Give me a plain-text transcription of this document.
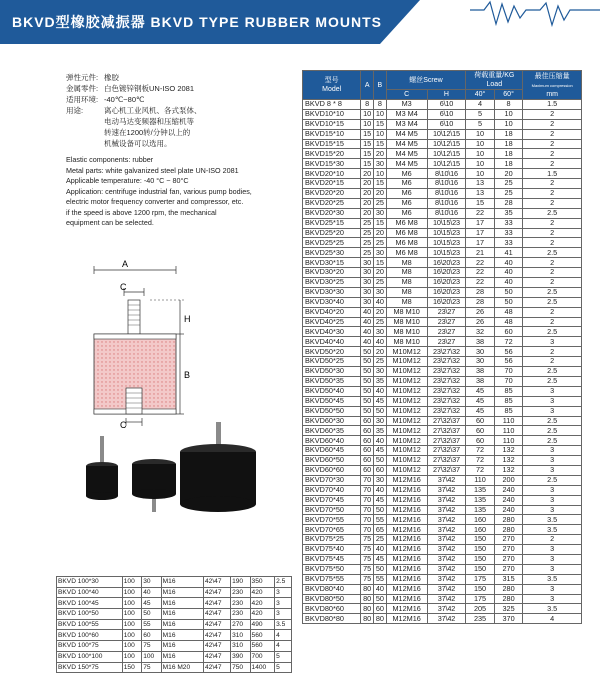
BKVD型橡胶减振器 BKVD TYPE RUBBER MOUNTS
弹性元件: 橡胶
金属零件: 白色镀锌钢板UN-ISO 2081
适用环境: -40℃~80℃
用途:	离心机工业风机、各式泵体、
电动马达变频器和压缩机等
转速在1200转/分钟以上的
机械设备可以选用。

Elastic components: rubber

Metal parts: white galvanized steel plate UN-ISO 2081

Applicable temperature: -40 °C ~ 80°C

Application: centrifuge industrial fan, various pump bodies,

electric motor frequency converter and compressor, etc.

if the speed is above 1200 rpm, the mechanical

equipment can be selected.

A
C
H
B
C
型号
Model	A	B	螺丝Screw		荷载重量/KG
Load		最佳压缩量
Maximum compression
mm
			C	H	40°	60°	
BKVD 8 * 8	8	8	M3	6\10	4	8	1.5
BKVD10*10	10	10	M3 M4	6\10	5	10	2
BKVD10*15	10	15	M3 M4	6\10	5	10	2
BKVD15*10	15	10	M4 M5	10\12\15	10	18	2
BKVD15*15	15	15	M4 M5	10\12\15	10	18	2
BKVD15*20	15	20	M4 M5	10\12\15	10	18	2
BKVD15*30	15	30	M4 M5	10\12\15	10	18	2
BKVD20*10	20	10	M6	8\10\16	10	20	1.5
BKVD20*15	20	15	M6	8\10\16	13	25	2
BKVD20*20	20	20	M6	8\10\16	13	25	2
BKVD20*25	20	25	M6	8\10\16	15	28	2
BKVD20*30	20	30	M6	8\10\16	22	35	2.5
BKVD25*15	25	15	M6 M8	10\15\23	17	33	2
BKVD25*20	25	20	M6 M8	10\15\23	17	33	2
BKVD25*25	25	25	M6 M8	10\15\23	17	33	2
BKVD25*30	25	30	M6 M8	10\15\23	21	41	2.5
BKVD30*15	30	15	M8	16\20\23	22	40	2
BKVD30*20	30	20	M8	16\20\23	22	40	2
BKVD30*25	30	25	M8	16\20\23	22	40	2
BKVD30*30	30	30	M8	16\20\23	28	50	2.5
BKVD30*40	30	40	M8	16\20\23	28	50	2.5
BKVD40*20	40	20	M8 M10	23\27	26	48	2
BKVD40*25	40	25	M8 M10	23\27	26	48	2
BKVD40*30	40	30	M8 M10	23\27	32	60	2.5
BKVD40*40	40	40	M8 M10	23\27	38	72	3
BKVD50*20	50	20	M10M12	23\27\32	30	56	2
BKVD50*25	50	25	M10M12	23\27\32	30	56	2
BKVD50*30	50	30	M10M12	23\27\32	38	70	2.5
BKVD50*35	50	35	M10M12	23\27\32	38	70	2.5
BKVD50*40	50	40	M10M12	23\27\32	45	85	3
BKVD50*45	50	45	M10M12	23\27\32	45	85	3
BKVD50*50	50	50	M10M12	23\27\32	45	85	3
BKVD60*30	60	30	M10M12	27\32\37	60	110	2.5
BKVD60*35	60	35	M10M12	27\32\37	60	110	2.5
BKVD60*40	60	40	M10M12	27\32\37	60	110	2.5
BKVD60*45	60	45	M10M12	27\32\37	72	132	3
BKVD60*50	60	50	M10M12	27\32\37	72	132	3
BKVD60*60	60	60	M10M12	27\32\37	72	132	3
BKVD70*30	70	30	M12M16	37\42	110	200	2.5
BKVD70*40	70	40	M12M16	37\42	135	240	3
BKVD70*45	70	45	M12M16	37\42	135	240	3
BKVD70*50	70	50	M12M16	37\42	135	240	3
BKVD70*55	70	55	M12M16	37\42	160	280	3.5
BKVD70*65	70	65	M12M16	37\42	160	280	3.5
BKVD75*25	75	25	M12M16	37\42	150	270	2
BKVD75*40	75	40	M12M16	37\42	150	270	3
BKVD75*45	75	45	M12M16	37\42	150	270	3
BKVD75*50	75	50	M12M16	37\42	150	270	3
BKVD75*55	75	55	M12M16	37\42	175	315	3.5
BKVD80*40	80	40	M12M16	37\42	150	280	3
BKVD80*50	80	50	M12M16	37\42	175	280	3
BKVD80*60	80	60	M12M16	37\42	205	325	3.5
BKVD80*80	80	80	M12M16	37\42	235	370	4
BKVD 100*30	100	30	M16	42\47	190	350	2.5
BKVD 100*40	100	40	M16	42\47	230	420	3
BKVD 100*45	100	45	M16	42\47	230	420	3
BKVD 100*50	100	50	M16	42\47	230	420	3
BKVD 100*55	100	55	M16	42\47	270	490	3.5
BKVD 100*60	100	60	M16	42\47	310	560	4
BKVD 100*75	100	75	M16	42\47	310	560	4
BKVD 100*100	100	100	M16	42\47	390	700	5
BKVD 150*75	150	75	M16 M20	42\47	750	1400	5
